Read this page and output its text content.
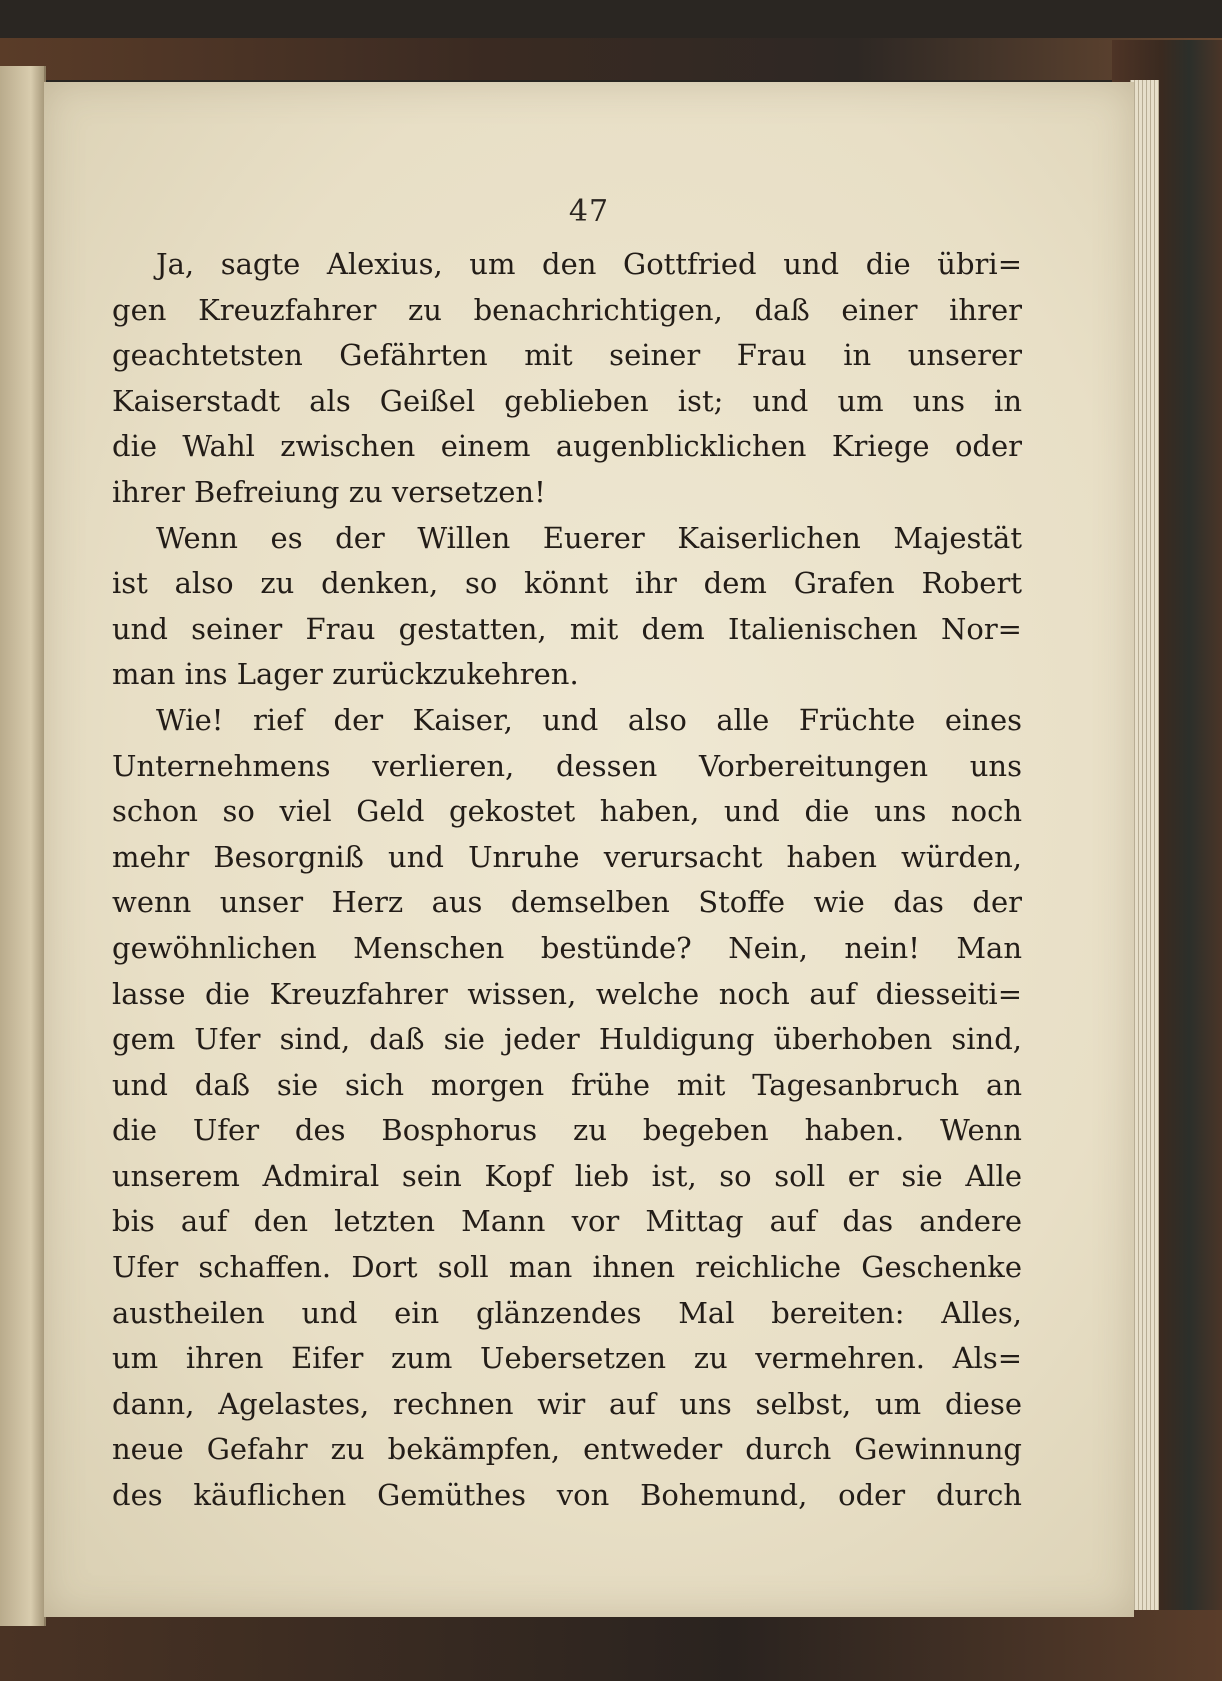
47
Ja, sagte Alexius, um den Gottfried und die übri=
gen Kreuzfahrer zu benachrichtigen, daß einer ihrer
geachtetsten Gefährten mit seiner Frau in unserer
Kaiserstadt als Geißel geblieben ist; und um uns in
die Wahl zwischen einem augenblicklichen Kriege oder
ihrer Befreiung zu versetzen!
Wenn es der Willen Euerer Kaiserlichen Majestät
ist also zu denken, so könnt ihr dem Grafen Robert
und seiner Frau gestatten, mit dem Italienischen Nor=
man ins Lager zurückzukehren.
Wie! rief der Kaiser, und also alle Früchte eines
Unternehmens verlieren, dessen Vorbereitungen uns
schon so viel Geld gekostet haben, und die uns noch
mehr Besorgniß und Unruhe verursacht haben würden,
wenn unser Herz aus demselben Stoffe wie das der
gewöhnlichen Menschen bestünde? Nein, nein! Man
lasse die Kreuzfahrer wissen, welche noch auf diesseiti=
gem Ufer sind, daß sie jeder Huldigung überhoben sind,
und daß sie sich morgen frühe mit Tagesanbruch an
die Ufer des Bosphorus zu begeben haben. Wenn
unserem Admiral sein Kopf lieb ist, so soll er sie Alle
bis auf den letzten Mann vor Mittag auf das andere
Ufer schaffen. Dort soll man ihnen reichliche Geschenke
austheilen und ein glänzendes Mal bereiten: Alles,
um ihren Eifer zum Uebersetzen zu vermehren. Als=
dann, Agelastes, rechnen wir auf uns selbst, um diese
neue Gefahr zu bekämpfen, entweder durch Gewinnung
des käuflichen Gemüthes von Bohemund, oder durch
